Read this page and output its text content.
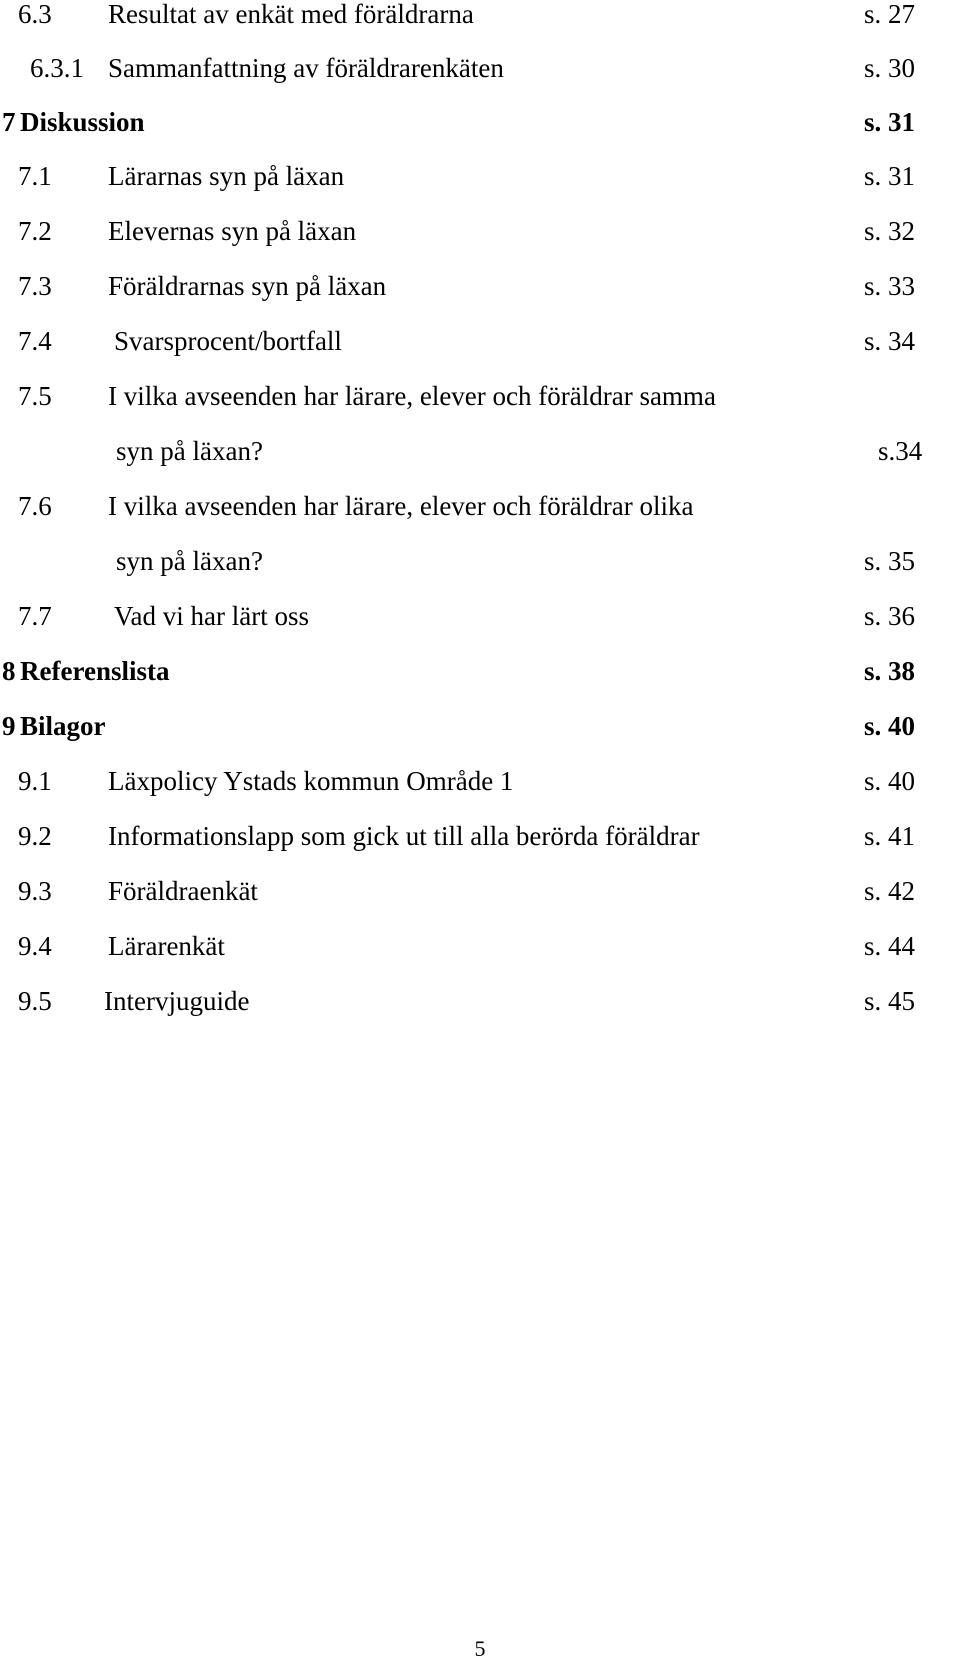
6.3 Resultat av enkät med föräldrarna	s. 27
6.3.1 Sammanfattning av föräldrarenkäten	s. 30
7 Diskussion	s. 31
7.1 Lärarnas syn på läxan	s. 31
7.2 Elevernas syn på läxan	s. 32
7.3 Föräldrarnas syn på läxan	s. 33
7.4 Svarsprocent/bortfall	s. 34
7.5 I vilka avseenden har lärare, elever och föräldrar samma
syn på läxan?	s.34
7.6 I vilka avseenden har lärare, elever och föräldrar olika
syn på läxan?	s. 35
7.7 Vad vi har lärt oss	s. 36
8 Referenslista	s. 38
9 Bilagor	s. 40
9.1 Läxpolicy Ystads kommun Område 1	s. 40
9.2 Informationslapp som gick ut till alla berörda föräldrar	s. 41
9.3 Föräldraenkät	s. 42
9.4 Lärarenkät	s. 44
9.5 Intervjuguide	s. 45
5
